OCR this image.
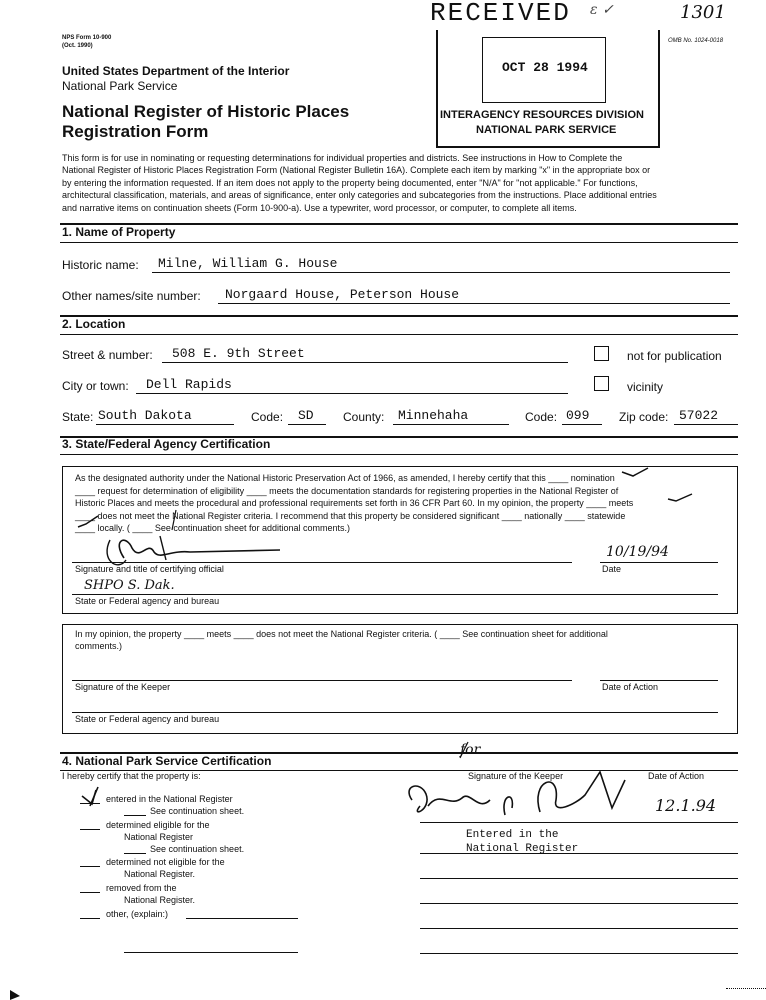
NPS Form 10-900
(Oct. 1990)
OMB No. 1024-0018
1301
RECEIVED ɛ ✓
OCT 28 1994
INTERAGENCY RESOURCES DIVISION
NATIONAL PARK SERVICE
United States Department of the Interior
National Park Service
National Register of Historic Places
Registration Form
This form is for use in nominating or requesting determinations for individual properties and districts. See instructions in How to Complete the
National Register of Historic Places Registration Form (National Register Bulletin 16A). Complete each item by marking "x" in the appropriate box or
by entering the information requested. If an item does not apply to the property being documented, enter "N/A" for "not applicable." For functions,
architectural classification, materials, and areas of significance, enter only categories and subcategories from the instructions. Place additional entries
and narrative items on continuation sheets (Form 10-900-a). Use a typewriter, word processor, or computer, to complete all items.
1. Name of Property
Historic name: Milne, William G. House
Other names/site number: Norgaard House, Peterson House
2. Location
Street & number: 508 E. 9th Street	not for publication
City or town: Dell Rapids	vicinity
State: South Dakota	Code: SD County: Minnehaha	Code: 099 Zip code: 57022
3. State/Federal Agency Certification
As the designated authority under the National Historic Preservation Act of 1966, as amended, I hereby certify that this ____ nomination
____ request for determination of eligibility ____ meets the documentation standards for registering properties in the National Register of
Historic Places and meets the procedural and professional requirements set forth in 36 CFR Part 60. In my opinion, the property ____ meets
____ does not meet the National Register criteria. I recommend that this property be considered significant ____ nationally ____ statewide
____ locally. ( ____ See continuation sheet for additional comments.)
Signature and title of certifying official	Date
10/19/94
SHPO S. Dak.
State or Federal agency and bureau
In my opinion, the property ____ meets ____ does not meet the National Register criteria. ( ____ See continuation sheet for additional
comments.)
Signature of the Keeper	Date of Action
State or Federal agency and bureau
4. National Park Service Certification
I hereby certify that the property is:	Signature of the Keeper	Date of Action
for
12.1.94
entered in the National Register
See continuation sheet.
determined eligible for the
National Register
See continuation sheet.
determined not eligible for the
National Register.
removed from the
National Register.
other, (explain:)
Entered in the
National Register
